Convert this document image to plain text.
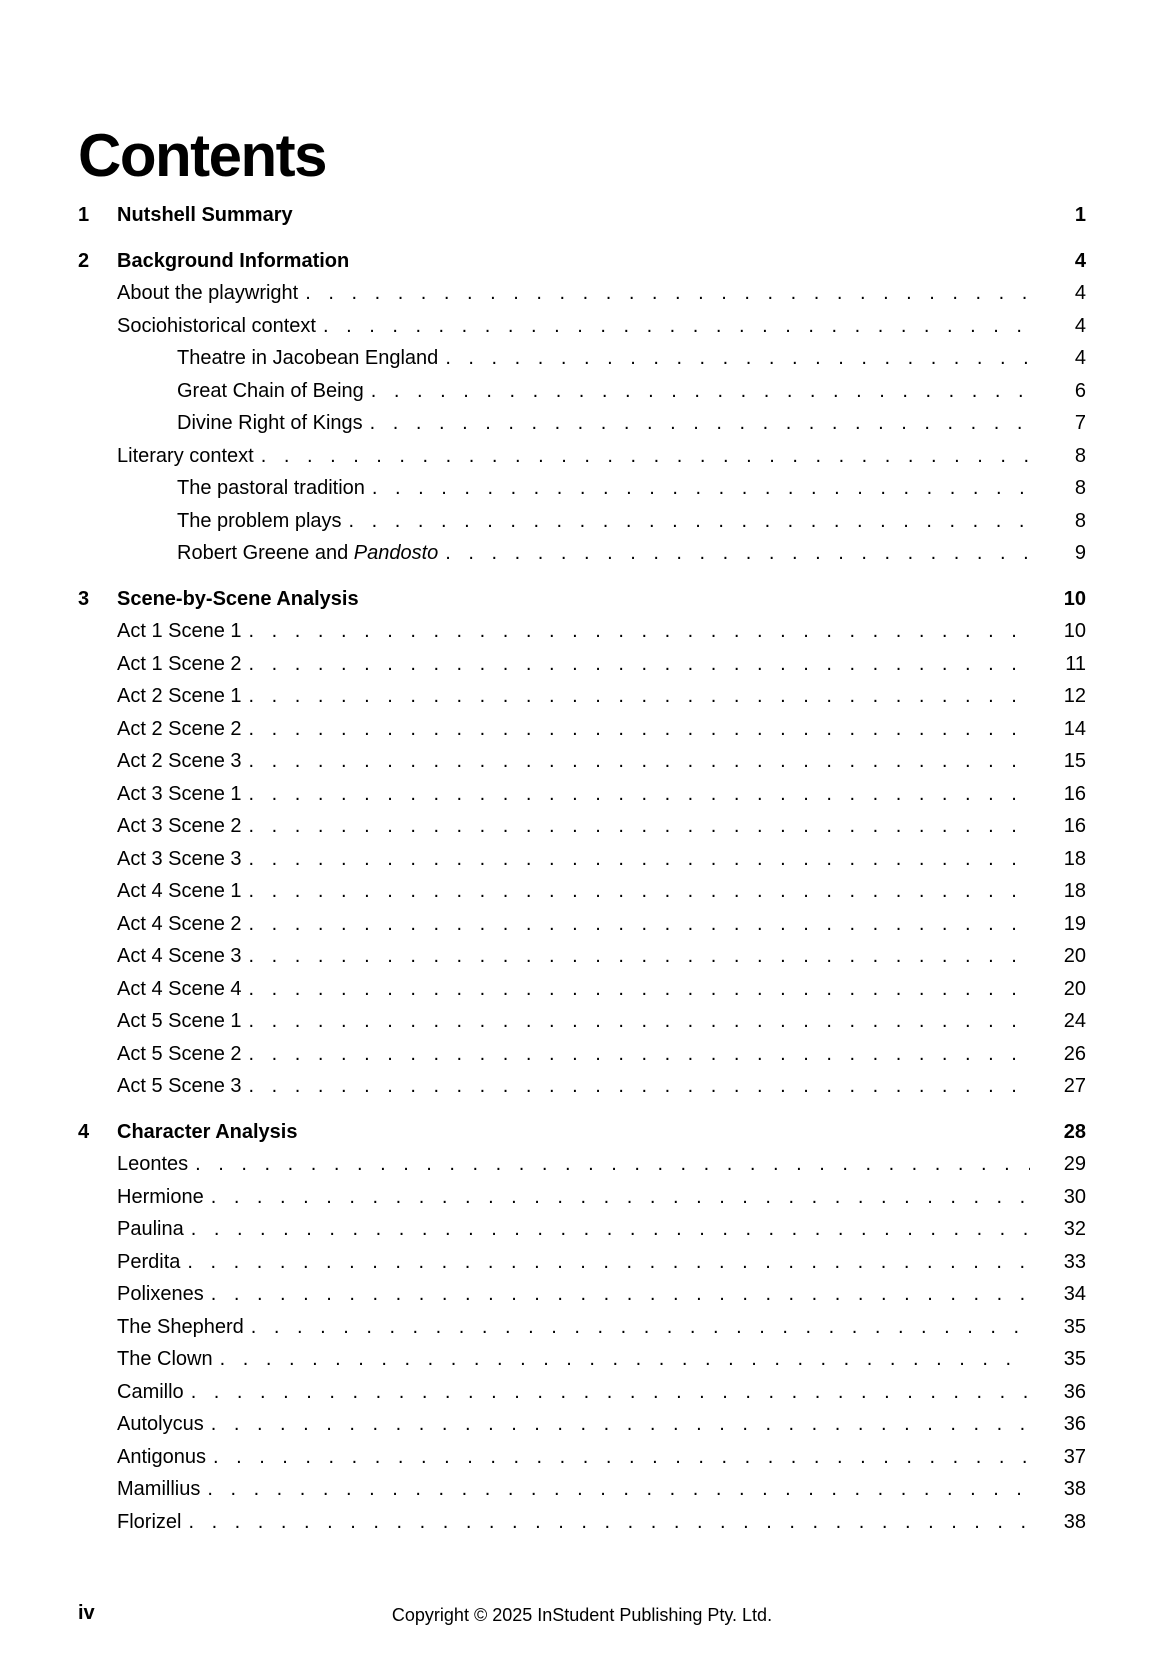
Contents
1	Nutshell Summary	1
2	Background Information	4
About the playwright . . .	4
Sociohistorical context . . .	4
Theatre in Jacobean England . . .	4
Great Chain of Being . . .	6
Divine Right of Kings . . .	7
Literary context . . .	8
The pastoral tradition . . .	8
The problem plays . . .	8
Robert Greene and Pandosto . . .	9
3	Scene-by-Scene Analysis	10
Act 1 Scene 1 . . .	10
Act 1 Scene 2 . . .	11
Act 2 Scene 1 . . .	12
Act 2 Scene 2 . . .	14
Act 2 Scene 3 . . .	15
Act 3 Scene 1 . . .	16
Act 3 Scene 2 . . .	16
Act 3 Scene 3 . . .	18
Act 4 Scene 1 . . .	18
Act 4 Scene 2 . . .	19
Act 4 Scene 3 . . .	20
Act 4 Scene 4 . . .	20
Act 5 Scene 1 . . .	24
Act 5 Scene 2 . . .	26
Act 5 Scene 3 . . .	27
4	Character Analysis	28
Leontes . . .	29
Hermione . . .	30
Paulina . . .	32
Perdita . . .	33
Polixenes . . .	34
The Shepherd . . .	35
The Clown . . .	35
Camillo . . .	36
Autolycus . . .	36
Antigonus . . .	37
Mamillius . . .	38
Florizel . . .	38
iv	Copyright © 2025 InStudent Publishing Pty. Ltd.
